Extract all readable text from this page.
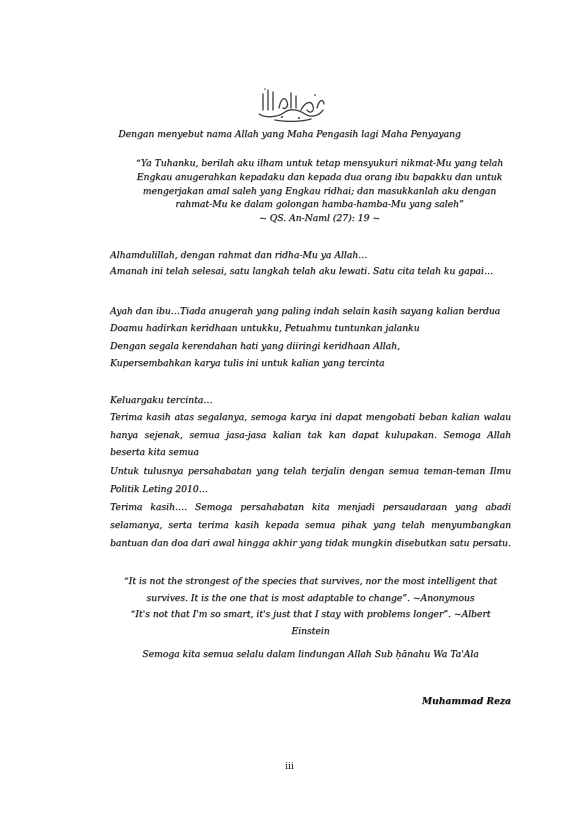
Dengan menyebut nama Allah yang Maha Pengasih lagi Maha Penyayang
“Ya Tuhanku, berilah aku ilham untuk tetap mensyukuri nikmat-Mu yang telah Engkau anugerahkan kepadaku dan kepada dua orang ibu bapakku dan untuk mengerjakan amal saleh yang Engkau ridhai; dan masukkanlah aku dengan rahmat-Mu ke dalam golongan hamba-hamba-Mu yang saleh”
~ QS. An-Naml (27): 19 ~

Alhamdulillah, dengan rahmat dan ridha-Mu ya Allah…

Amanah ini telah selesai, satu langkah telah aku lewati. Satu cita telah ku gapai…

Ayah dan ibu…Tiada anugerah yang paling indah selain kasih sayang kalian berdua

Doamu hadirkan keridhaan untukku, Petuahmu tuntunkan jalanku

Dengan segala kerendahan hati yang diiringi keridhaan Allah,

Kupersembahkan karya tulis ini untuk kalian yang tercinta

Keluargaku tercinta…

Terima kasih atas segalanya, semoga karya ini dapat mengobati beban kalian walau hanya sejenak, semua jasa-jasa kalian tak kan dapat kulupakan. Semoga Allah beserta kita semua

Untuk tulusnya persahabatan yang telah terjalin dengan semua teman-teman Ilmu Politik Leting 2010…

Terima kasih…. Semoga persahabatan kita menjadi persaudaraan yang abadi selamanya, serta terima kasih kepada semua pihak yang telah menyumbangkan bantuan dan doa dari awal hingga akhir yang tidak mungkin disebutkan satu persatu.

“It is not the strongest of the species that survives, nor the most intelligent that survives. It is the one that is most adaptable to change”. ~Anonymous

“It's not that I'm so smart, it's just that I stay with problems longer”. ~Albert Einstein

Semoga kita semua selalu dalam lindungan Allah Sub ḥānahu Wa Ta'Ala
Muhammad Reza
iii
